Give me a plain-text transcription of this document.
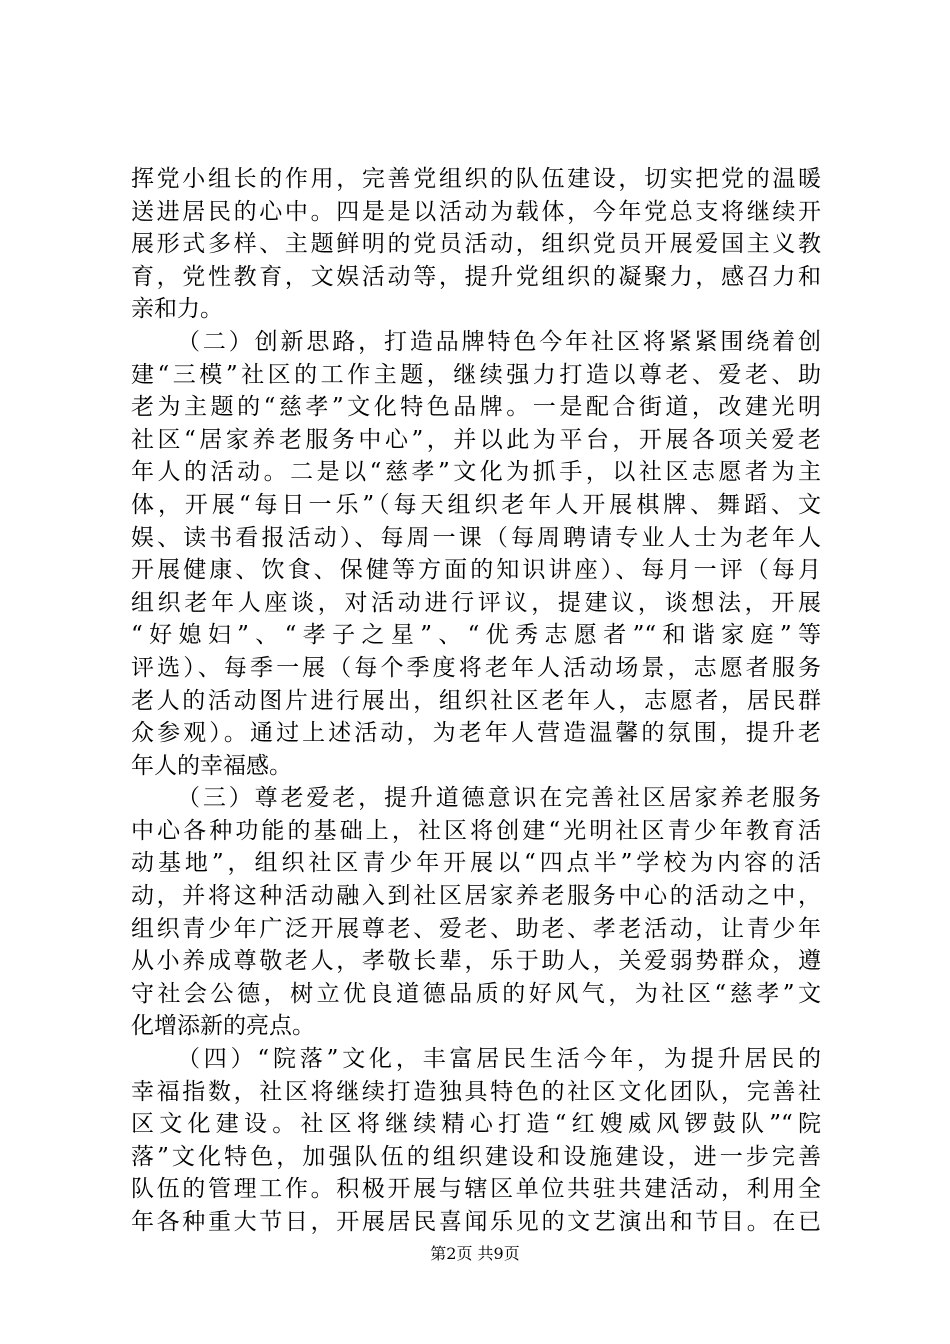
挥党小组长的作用，完善党组织的队伍建设，切实把党的温暖
送进居民的心中。四是是以活动为载体，今年党总支将继续开
展形式多样、主题鲜明的党员活动，组织党员开展爱国主义教
育，党性教育，文娱活动等，提升党组织的凝聚力，感召力和
亲和力。
（二）创新思路，打造品牌特色今年社区将紧紧围绕着创
建“三模”社区的工作主题，继续强力打造以尊老、爱老、助
老为主题的“慈孝”文化特色品牌。一是配合街道，改建光明
社区“居家养老服务中心”，并以此为平台，开展各项关爱老
年人的活动。二是以“慈孝”文化为抓手，以社区志愿者为主
体，开展“每日一乐”（每天组织老年人开展棋牌、舞蹈、文
娱、读书看报活动）、每周一课（每周聘请专业人士为老年人
开展健康、饮食、保健等方面的知识讲座）、每月一评（每月
组织老年人座谈，对活动进行评议，提建议，谈想法，开展
“好媳妇”、“孝子之星”、“优秀志愿者”“和谐家庭”等
评选）、每季一展（每个季度将老年人活动场景，志愿者服务
老人的活动图片进行展出，组织社区老年人，志愿者，居民群
众参观）。通过上述活动，为老年人营造温馨的氛围，提升老
年人的幸福感。
（三）尊老爱老，提升道德意识在完善社区居家养老服务
中心各种功能的基础上，社区将创建“光明社区青少年教育活
动基地”，组织社区青少年开展以“四点半”学校为内容的活
动，并将这种活动融入到社区居家养老服务中心的活动之中，
组织青少年广泛开展尊老、爱老、助老、孝老活动，让青少年
从小养成尊敬老人，孝敬长辈，乐于助人，关爱弱势群众，遵
守社会公德，树立优良道德品质的好风气，为社区“慈孝”文
化增添新的亮点。
（四）“院落”文化，丰富居民生活今年，为提升居民的
幸福指数，社区将继续打造独具特色的社区文化团队，完善社
区文化建设。社区将继续精心打造“红嫂威风锣鼓队”“院
落”文化特色，加强队伍的组织建设和设施建设，进一步完善
队伍的管理工作。积极开展与辖区单位共驻共建活动，利用全
年各种重大节日，开展居民喜闻乐见的文艺演出和节目。在已
第2页 共9页
